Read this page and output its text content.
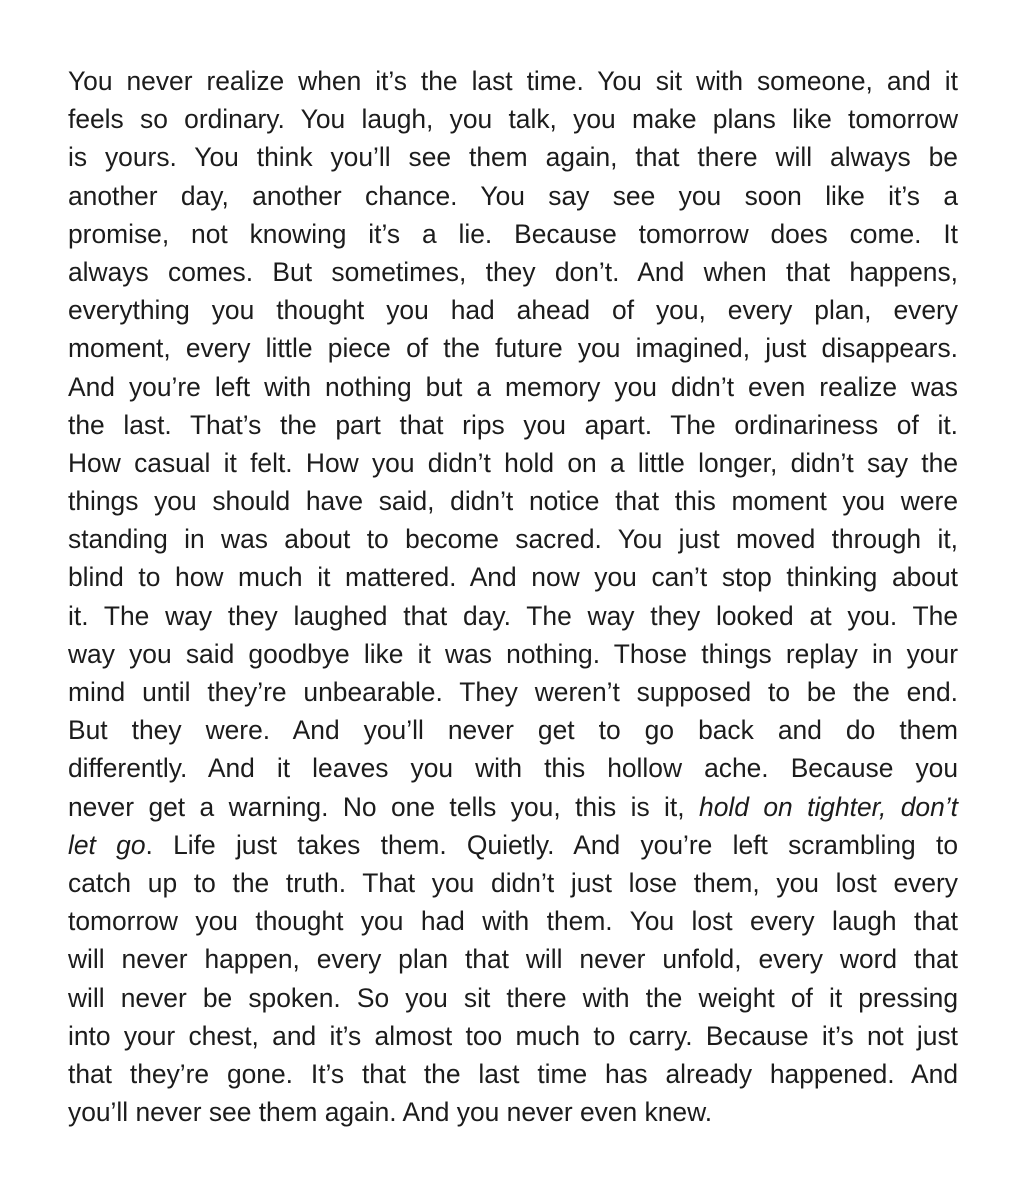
You never realize when it’s the last time. You sit with someone, and it
feels so ordinary. You laugh, you talk, you make plans like tomorrow
is yours. You think you’ll see them again, that there will always be
another day, another chance. You say see you soon like it’s a
promise, not knowing it’s a lie. Because tomorrow does come. It
always comes. But sometimes, they don’t. And when that happens,
everything you thought you had ahead of you, every plan, every
moment, every little piece of the future you imagined, just disappears.
And you’re left with nothing but a memory you didn’t even realize was
the last. That’s the part that rips you apart. The ordinariness of it.
How casual it felt. How you didn’t hold on a little longer, didn’t say the
things you should have said, didn’t notice that this moment you were
standing in was about to become sacred. You just moved through it,
blind to how much it mattered. And now you can’t stop thinking about
it. The way they laughed that day. The way they looked at you. The
way you said goodbye like it was nothing. Those things replay in your
mind until they’re unbearable. They weren’t supposed to be the end.
But they were. And you’ll never get to go back and do them
differently. And it leaves you with this hollow ache. Because you
never get a warning. No one tells you, this is it, hold on tighter, don’t
let go. Life just takes them. Quietly. And you’re left scrambling to
catch up to the truth. That you didn’t just lose them, you lost every
tomorrow you thought you had with them. You lost every laugh that
will never happen, every plan that will never unfold, every word that
will never be spoken. So you sit there with the weight of it pressing
into your chest, and it’s almost too much to carry. Because it’s not just
that they’re gone. It’s that the last time has already happened. And
you’ll never see them again. And you never even knew.
